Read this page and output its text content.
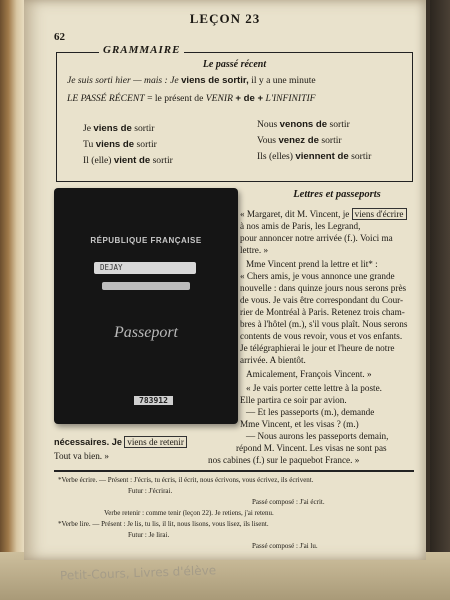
Petit-Cours, Livres d'élève
62
LEÇON 23
GRAMMAIRE
Le passé récent
Je suis sorti hier — mais : Je viens de sortir, il y a une minute
LE PASSÉ RÉCENT = le présent de VENIR + de + L'INFINITIF
Je viens de sortir
Tu viens de sortir
Il (elle) vient de sortir
Nous venons de sortir
Vous venez de sortir
Ils (elles) viennent de sortir
RÉPUBLIQUE FRANÇAISE
DEJAY
Passeport
783912
Lettres et passeports
« Margaret, dit M. Vincent, je viens d'écrire
à nos amis de Paris, les Legrand,
pour annoncer notre arrivée (f.). Voici ma
lettre. »
Mme Vincent prend la lettre et lit* :
« Chers amis, je vous annonce une grande
nouvelle : dans quinze jours nous serons près
de vous. Je vais être correspondant du Cour-
rier de Montréal à Paris. Retenez trois cham-
bres à l'hôtel (m.), s'il vous plaît. Nous serons
contents de vous revoir, vous et vos enfants.
Je télégraphierai le jour et l'heure de notre
arrivée. A bientôt.
Amicalement, François Vincent. »
« Je vais porter cette lettre à la poste.
Elle partira ce soir par avion.
— Et les passeports (m.), demande
Mme Vincent, et les visas ? (m.)
— Nous aurons les passeports demain,
nécessaires. Je viens de retenir
répond M. Vincent. Les visas ne sont pas
Tout va bien. »	nos cabines (f.) sur le paquebot France. »
*Verbe écrire. — Présent : J'écris, tu écris, il écrit, nous écrivons, vous écrivez, ils écrivent.
Futur : J'écrirai.
Passé composé : J'ai écrit.
Verbe retenir : comme tenir (leçon 22). Je retiens, j'ai retenu.
*Verbe lire. — Présent : Je lis, tu lis, il lit, nous lisons, vous lisez, ils lisent.
Futur : Je lirai.
Passé composé : J'ai lu.
